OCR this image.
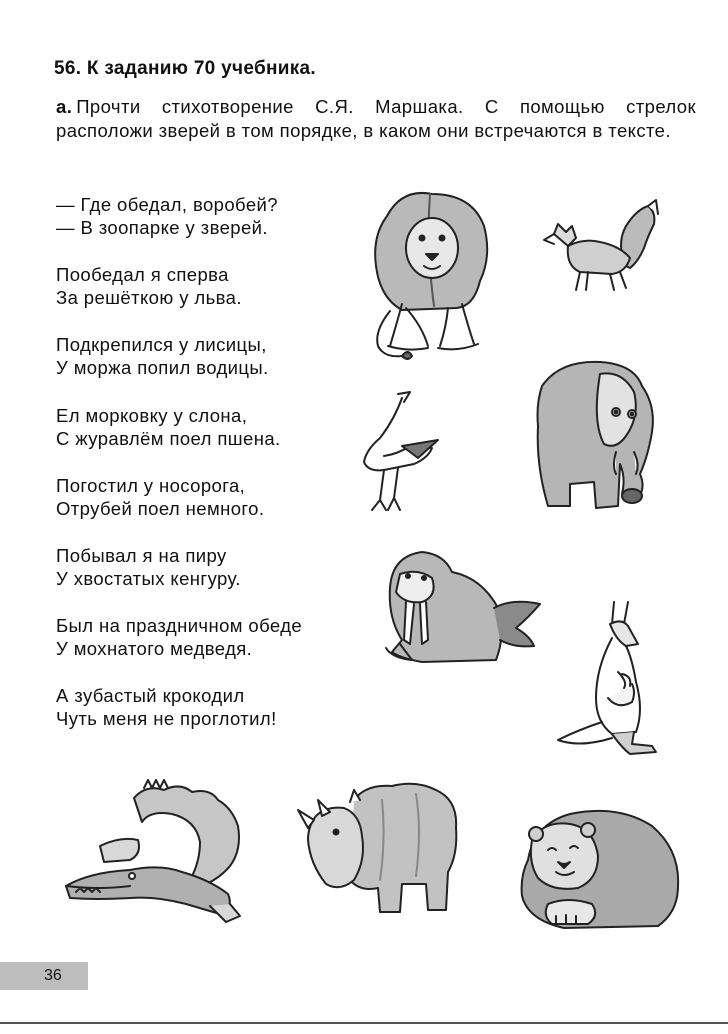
56. К заданию 70 учебника.

а. Прочти стихотворение С.Я. Маршака. С помощью стрелок расположи зверей в том порядке, в каком они встречаются в тексте.

— Где обедал, воробей?
— В зоопарке у зверей.
Пообедал я сперва
За решёткою у льва.
Подкрепился у лисицы,
У моржа попил водицы.
Ел морковку у слона,
С журавлём поел пшена.
Погостил у носорога,
Отрубей поел немного.
Побывал я на пиру
У хвостатых кенгуру.
Был на праздничном обеде
У мохнатого медведя.
А зубастый крокодил
Чуть меня не проглотил!
36
